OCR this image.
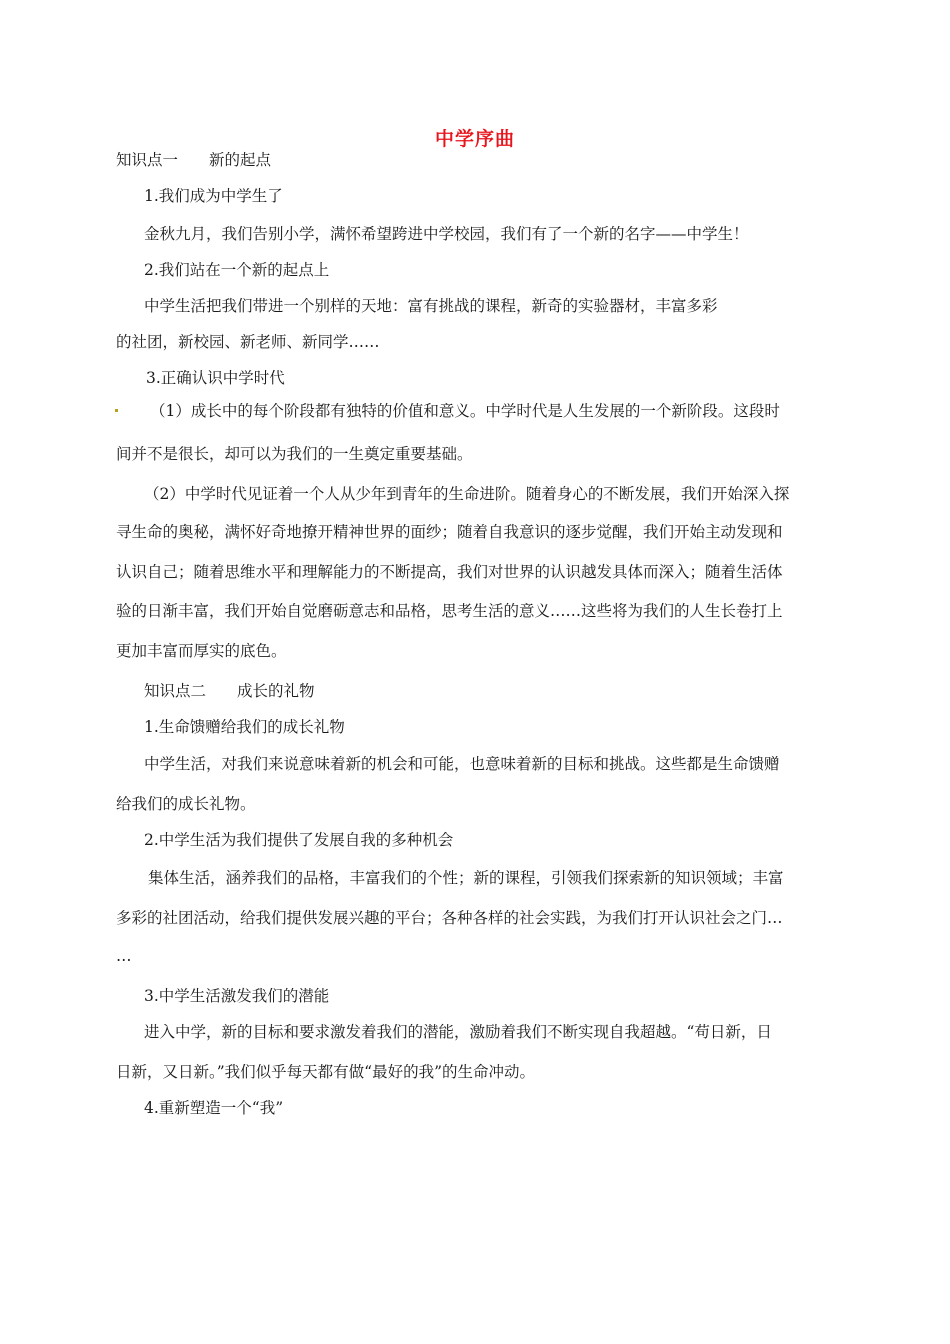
中学序曲
知识点一　　新的起点
1.我们成为中学生了
金秋九月，我们告别小学，满怀希望跨进中学校园，我们有了一个新的名字——中学生！
2.我们站在一个新的起点上
中学生活把我们带进一个别样的天地：富有挑战的课程，新奇的实验器材，丰富多彩
的社团，新校园、新老师、新同学……
3.正确认识中学时代
（1）成长中的每个阶段都有独特的价值和意义。中学时代是人生发展的一个新阶段。这段时
间并不是很长，却可以为我们的一生奠定重要基础。
（2）中学时代见证着一个人从少年到青年的生命进阶。随着身心的不断发展，我们开始深入探
寻生命的奥秘，满怀好奇地撩开精神世界的面纱；随着自我意识的逐步觉醒，我们开始主动发现和
认识自己；随着思维水平和理解能力的不断提高，我们对世界的认识越发具体而深入；随着生活体
验的日渐丰富，我们开始自觉磨砺意志和品格，思考生活的意义……这些将为我们的人生长卷打上
更加丰富而厚实的底色。
知识点二　　成长的礼物
1.生命馈赠给我们的成长礼物
中学生活，对我们来说意味着新的机会和可能，也意味着新的目标和挑战。这些都是生命馈赠
给我们的成长礼物。
2.中学生活为我们提供了发展自我的多种机会
集体生活，涵养我们的品格，丰富我们的个性；新的课程，引领我们探索新的知识领域；丰富
多彩的社团活动，给我们提供发展兴趣的平台；各种各样的社会实践，为我们打开认识社会之门…
…
3.中学生活激发我们的潜能
进入中学，新的目标和要求激发着我们的潜能，激励着我们不断实现自我超越。“苟日新，日
日新，又日新。”我们似乎每天都有做“最好的我”的生命冲动。
4.重新塑造一个“我”
